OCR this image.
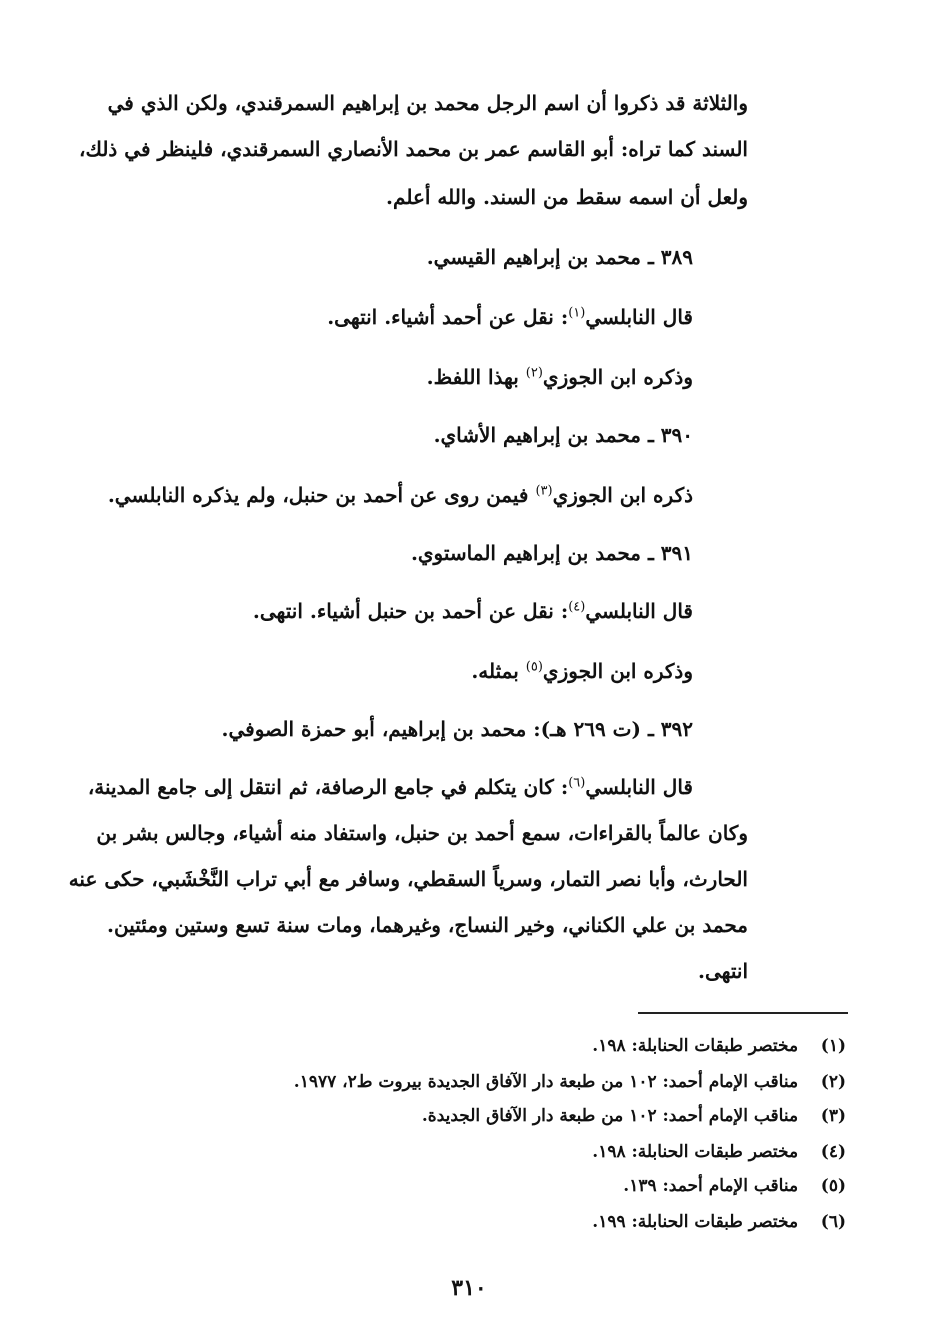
والثلاثة قد ذكروا أن اسم الرجل محمد بن إبراهيم السمرقندي، ولكن الذي في
السند كما تراه: أبو القاسم عمر بن محمد الأنصاري السمرقندي، فلينظر في ذلك،
ولعل أن اسمه سقط من السند. والله أعلم.
٣٨٩ ـ محمد بن إبراهيم القيسي.
قال النابلسي$^{(١)}$: نقل عن أحمد أشياء. انتهى.
وذكره ابن الجوزي$^{(٢)}$ بهذا اللفظ.
٣٩٠ ـ محمد بن إبراهيم الأشاي.
ذكره ابن الجوزي$^{(٣)}$ فيمن روى عن أحمد بن حنبل، ولم يذكره النابلسي.
٣٩١ ـ محمد بن إبراهيم الماستوي.
قال النابلسي$^{(٤)}$: نقل عن أحمد بن حنبل أشياء. انتهى.
وذكره ابن الجوزي$^{(٥)}$ بمثله.
٣٩٢ ـ (ت ٢٦٩ هـ): محمد بن إبراهيم، أبو حمزة الصوفي.
قال النابلسي$^{(٦)}$: كان يتكلم في جامع الرصافة، ثم انتقل إلى جامع المدينة،
وكان عالماً بالقراءات، سمع أحمد بن حنبل، واستفاد منه أشياء، وجالس بشر بن
الحارث، وأبا نصر التمار، وسرياً السقطي، وسافر مع أبي تراب النَّخْشَبي، حكى عنه
محمد بن علي الكناني، وخير النساج، وغيرهما، ومات سنة تسع وستين ومئتين.
انتهى.
(١) مختصر طبقات الحنابلة: ١٩٨.
(٢) مناقب الإمام أحمد: ١٠٢ من طبعة دار الآفاق الجديدة بيروت ط٢، ١٩٧٧.
(٣) مناقب الإمام أحمد: ١٠٢ من طبعة دار الآفاق الجديدة.
(٤) مختصر طبقات الحنابلة: ١٩٨.
(٥) مناقب الإمام أحمد: ١٣٩.
(٦) مختصر طبقات الحنابلة: ١٩٩.
٣١٠
